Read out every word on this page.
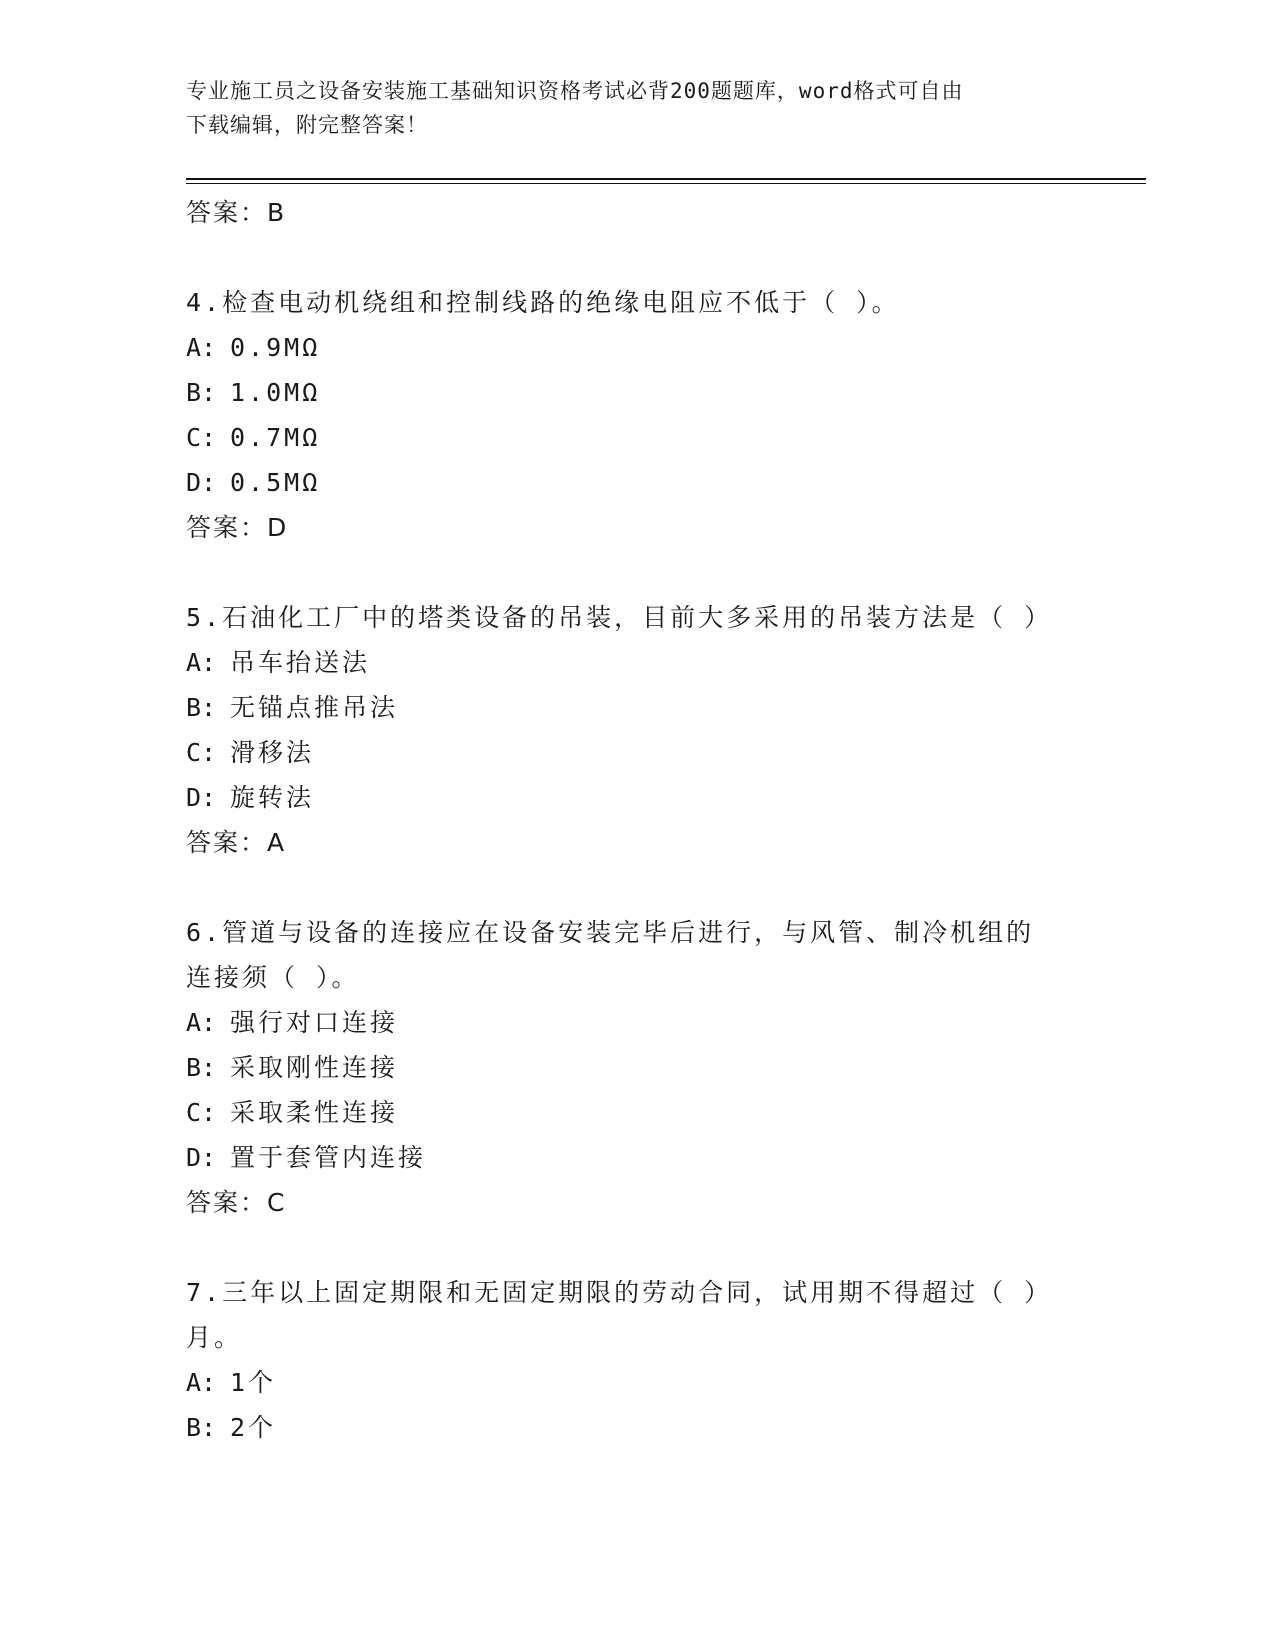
专业施工员之设备安装施工基础知识资格考试必背200题题库，word格式可自由
下载编辑，附完整答案！

答案：B

4.检查电动机绕组和控制线路的绝缘电阻应不低于（ ）。

A: 0.9MΩ

B: 1.0MΩ

C: 0.7MΩ

D: 0.5MΩ

答案：D

5.石油化工厂中的塔类设备的吊装，目前大多采用的吊装方法是（ ）

A: 吊车抬送法

B: 无锚点推吊法

C: 滑移法

D: 旋转法

答案：A

6.管道与设备的连接应在设备安装完毕后进行，与风管、制冷机组的

连接须（ ）。

A: 强行对口连接

B: 采取刚性连接

C: 采取柔性连接

D: 置于套管内连接

答案：C

7.三年以上固定期限和无固定期限的劳动合同，试用期不得超过（ ）

月。

A: 1个

B: 2个
